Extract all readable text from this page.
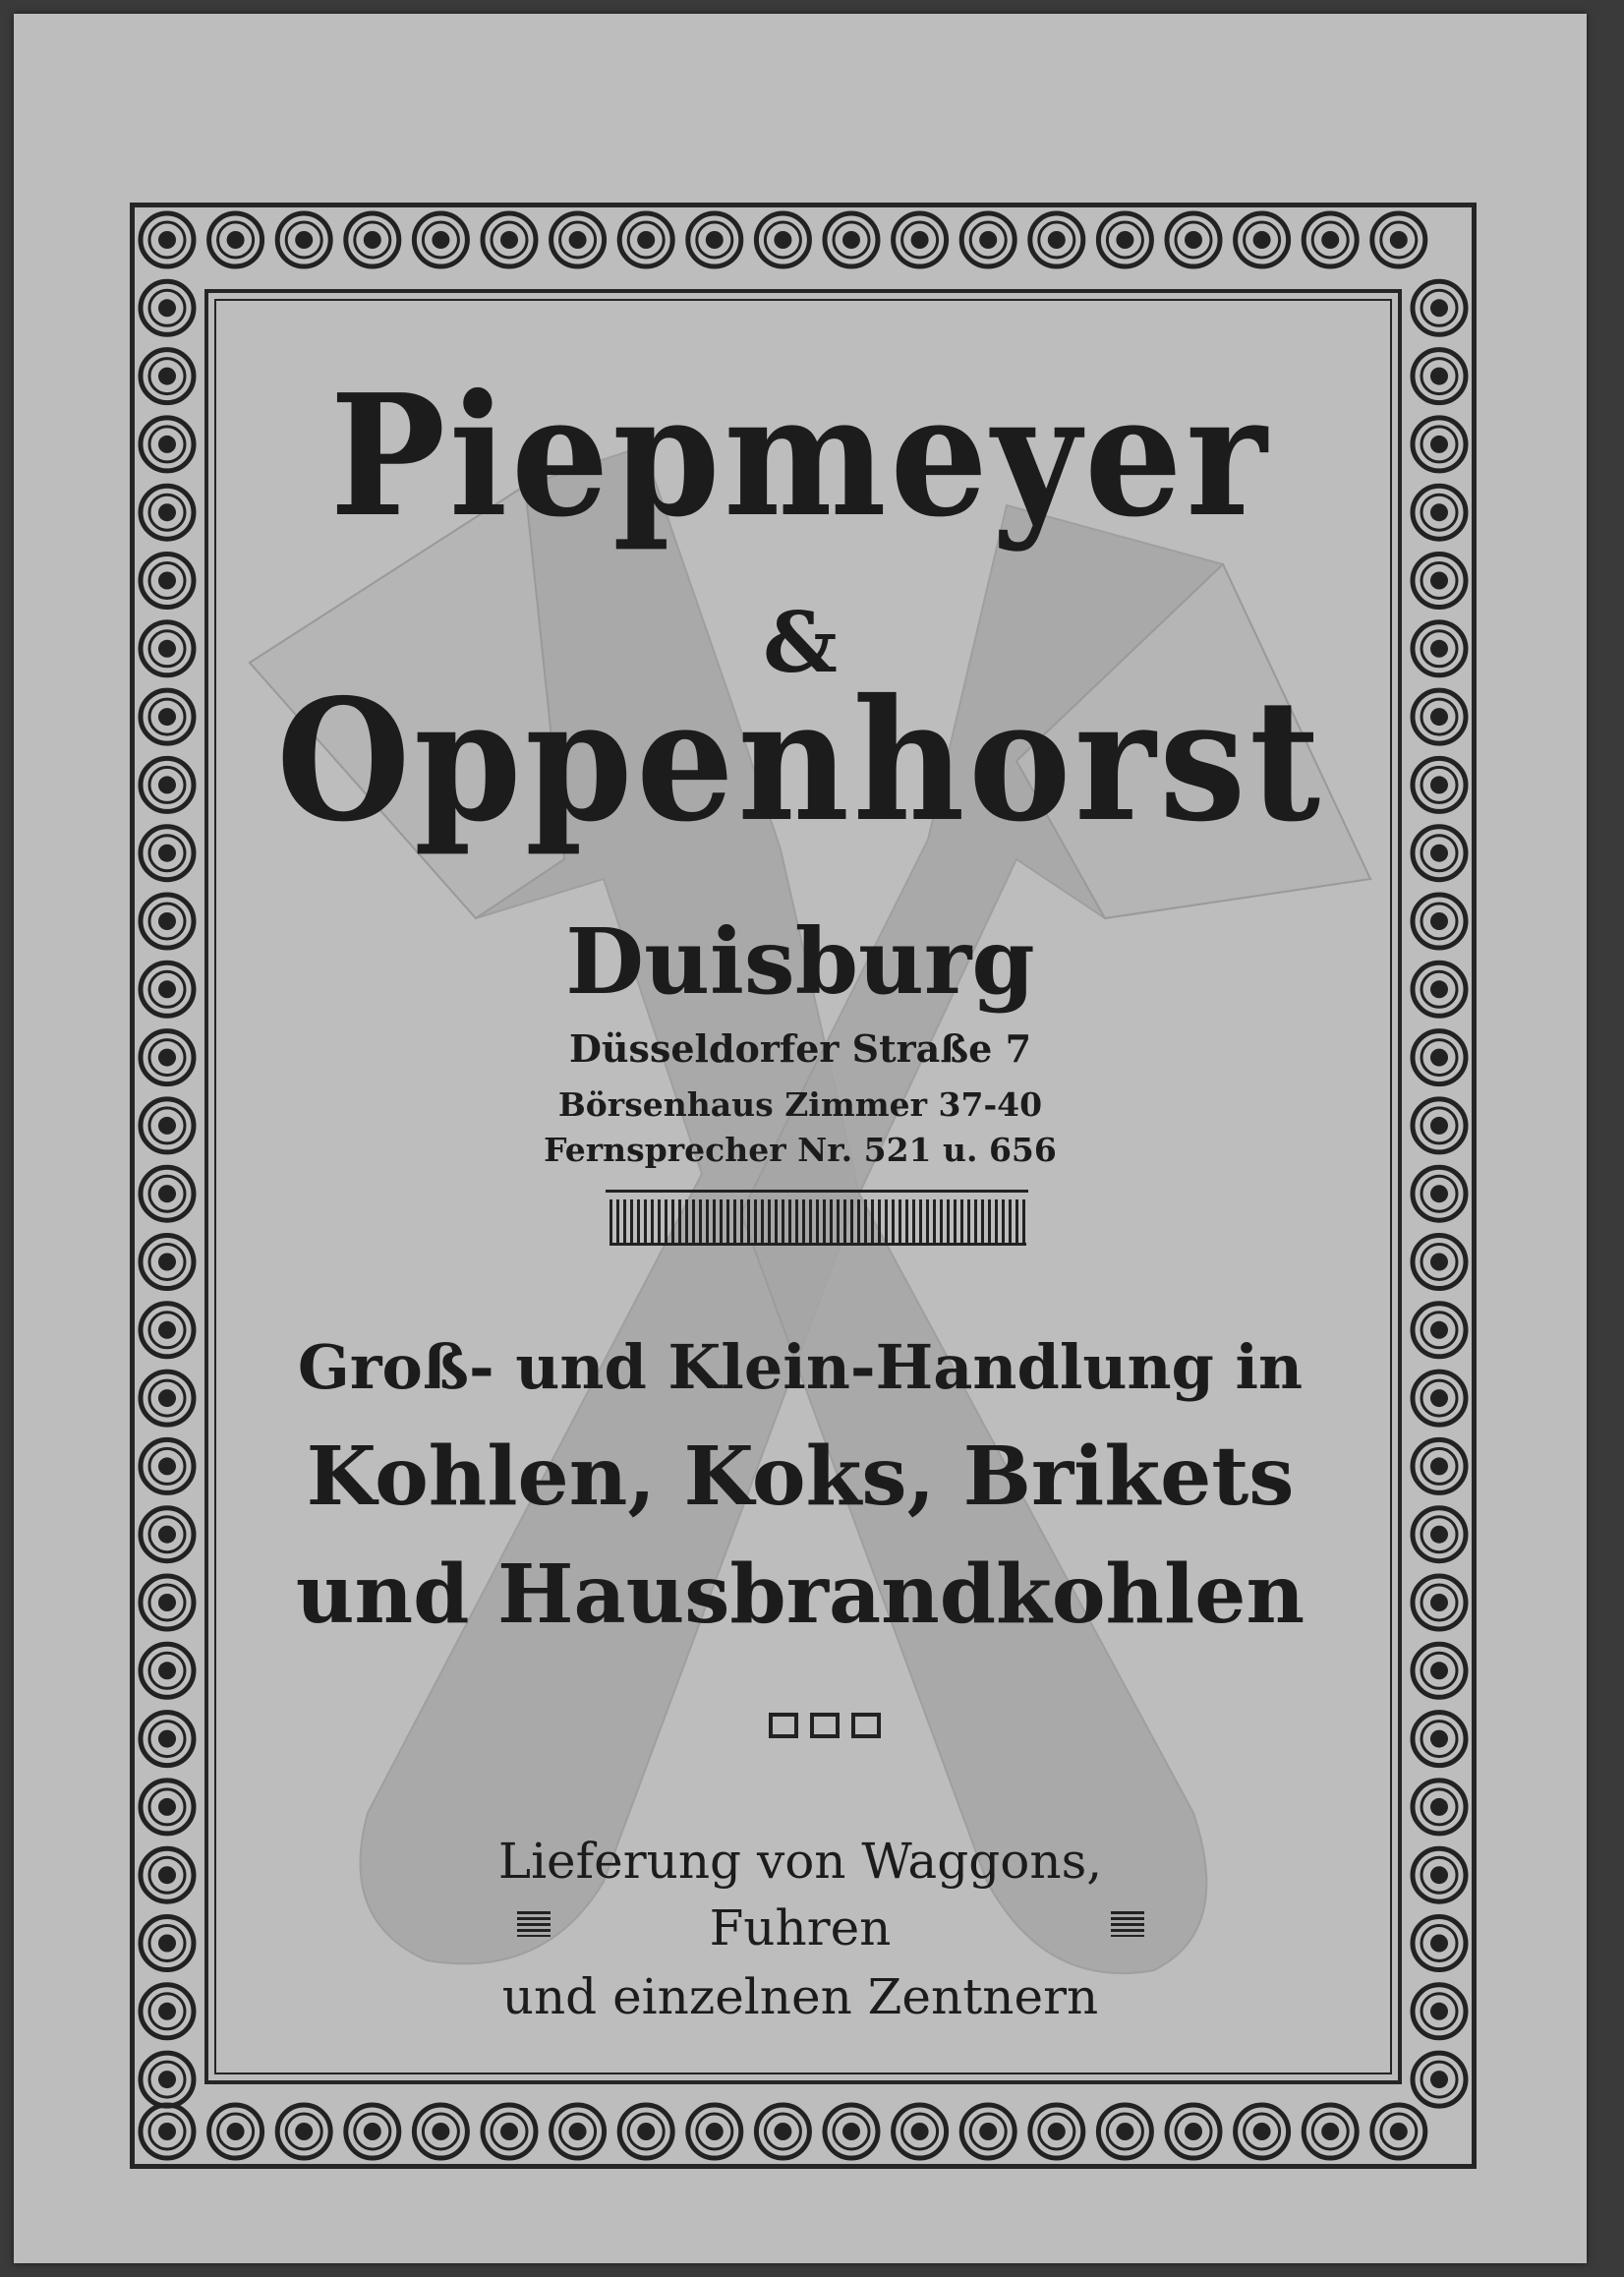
Piepmeyer
&
Oppenhorst
Duisburg
Düsseldorfer Straße 7
Börsenhaus Zimmer 37-40
Fernsprecher Nr. 521 u. 656
Groß- und Klein-Handlung in
Kohlen, Koks, Brikets
und Hausbrandkohlen
Lieferung von Waggons,
Fuhren
und einzelnen Zentnern
